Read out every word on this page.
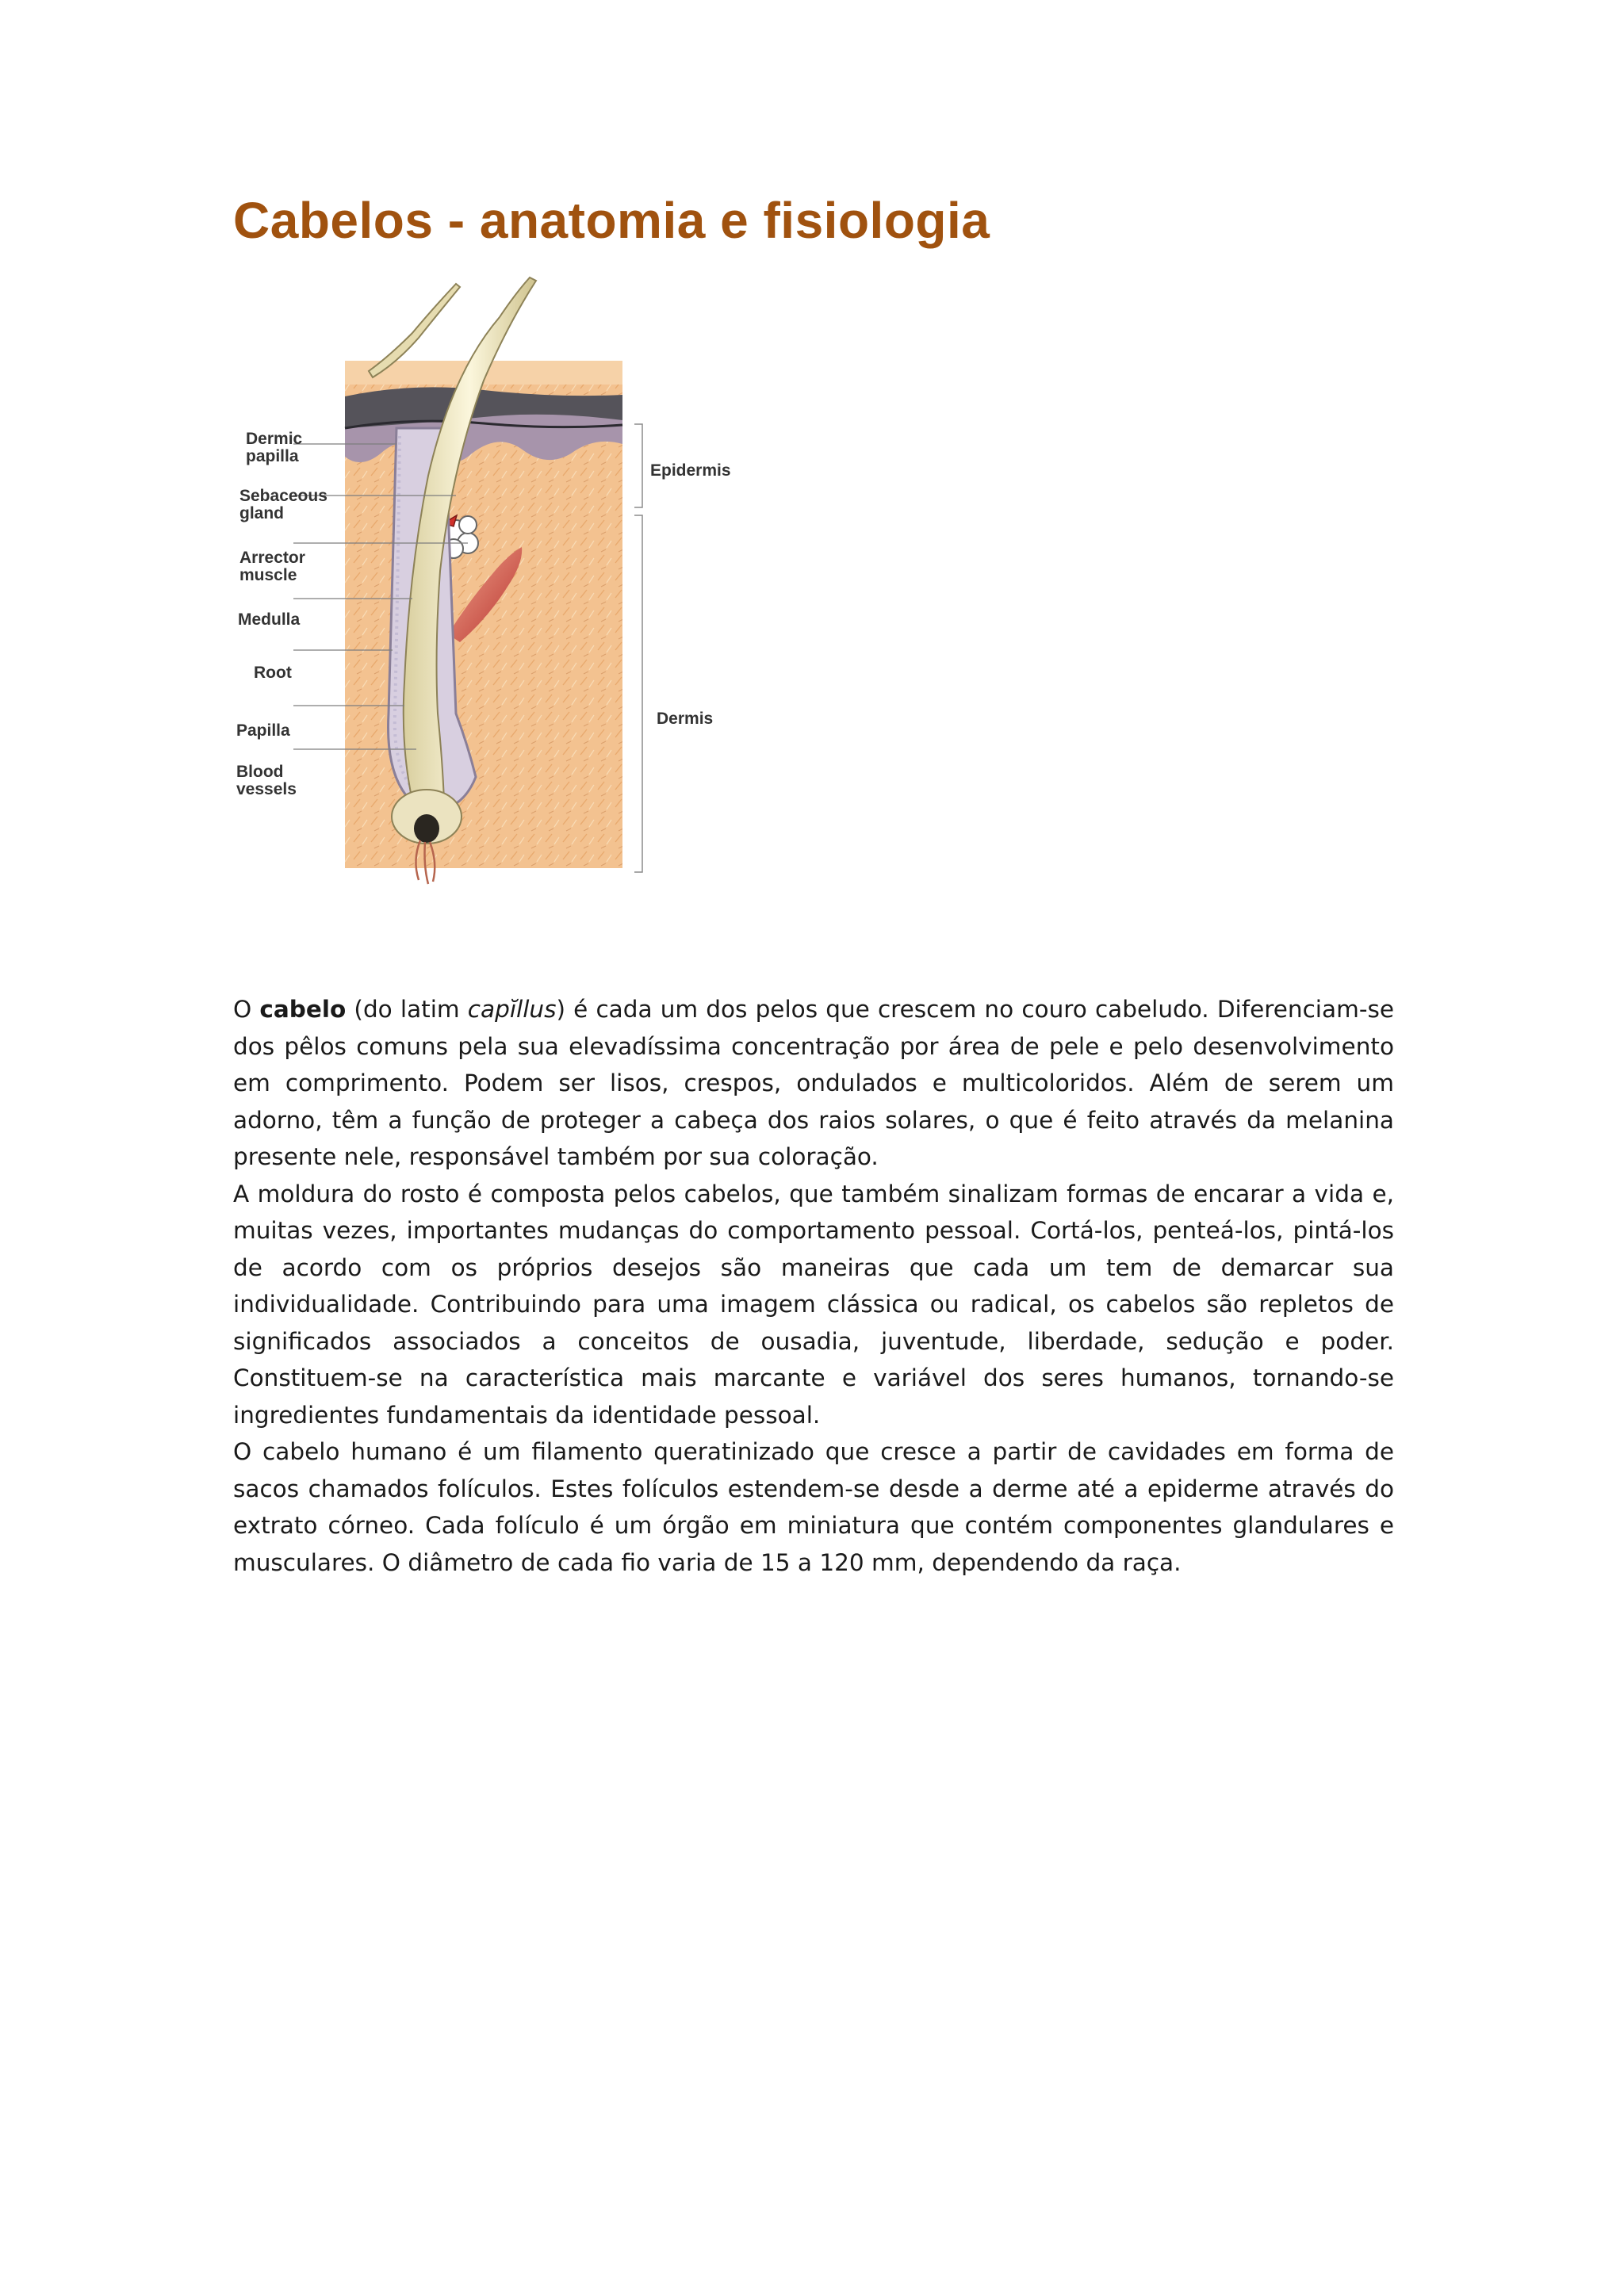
Cabelos - anatomia e fisiologia
Dermic
papilla
Sebaceous
gland
Arrector
muscle
Medulla
Root
Papilla
Blood
vessels
Epidermis
Dermis

O cabelo (do latim capĭllus) é cada um dos pelos que crescem no couro cabeludo. Diferenciam-se dos pêlos comuns pela sua elevadíssima concentração por área de pele e pelo desenvolvimento em comprimento. Podem ser lisos, crespos, ondulados e multicoloridos. Além de serem um adorno, têm a função de proteger a cabeça dos raios solares, o que é feito através da melanina presente nele, responsável também por sua coloração.

A moldura do rosto é composta pelos cabelos, que também sinalizam formas de encarar a vida e, muitas vezes, importantes mudanças do comportamento pessoal. Cortá-los, penteá-los, pintá-los de acordo com os próprios desejos são maneiras que cada um tem de demarcar sua individualidade. Contribuindo para uma imagem clássica ou radical, os cabelos são repletos de significados associados a conceitos de ousadia, juventude, liberdade, sedução e poder. Constituem-se na característica mais marcante e variável dos seres humanos, tornando-se ingredientes fundamentais da identidade pessoal.

O cabelo humano é um filamento queratinizado que cresce a partir de cavidades em forma de sacos chamados folículos. Estes folículos estendem-se desde a derme até a epiderme através do extrato córneo. Cada folículo é um órgão em miniatura que contém componentes glandulares e musculares. O diâmetro de cada fio varia de 15 a 120 mm, dependendo da raça.
